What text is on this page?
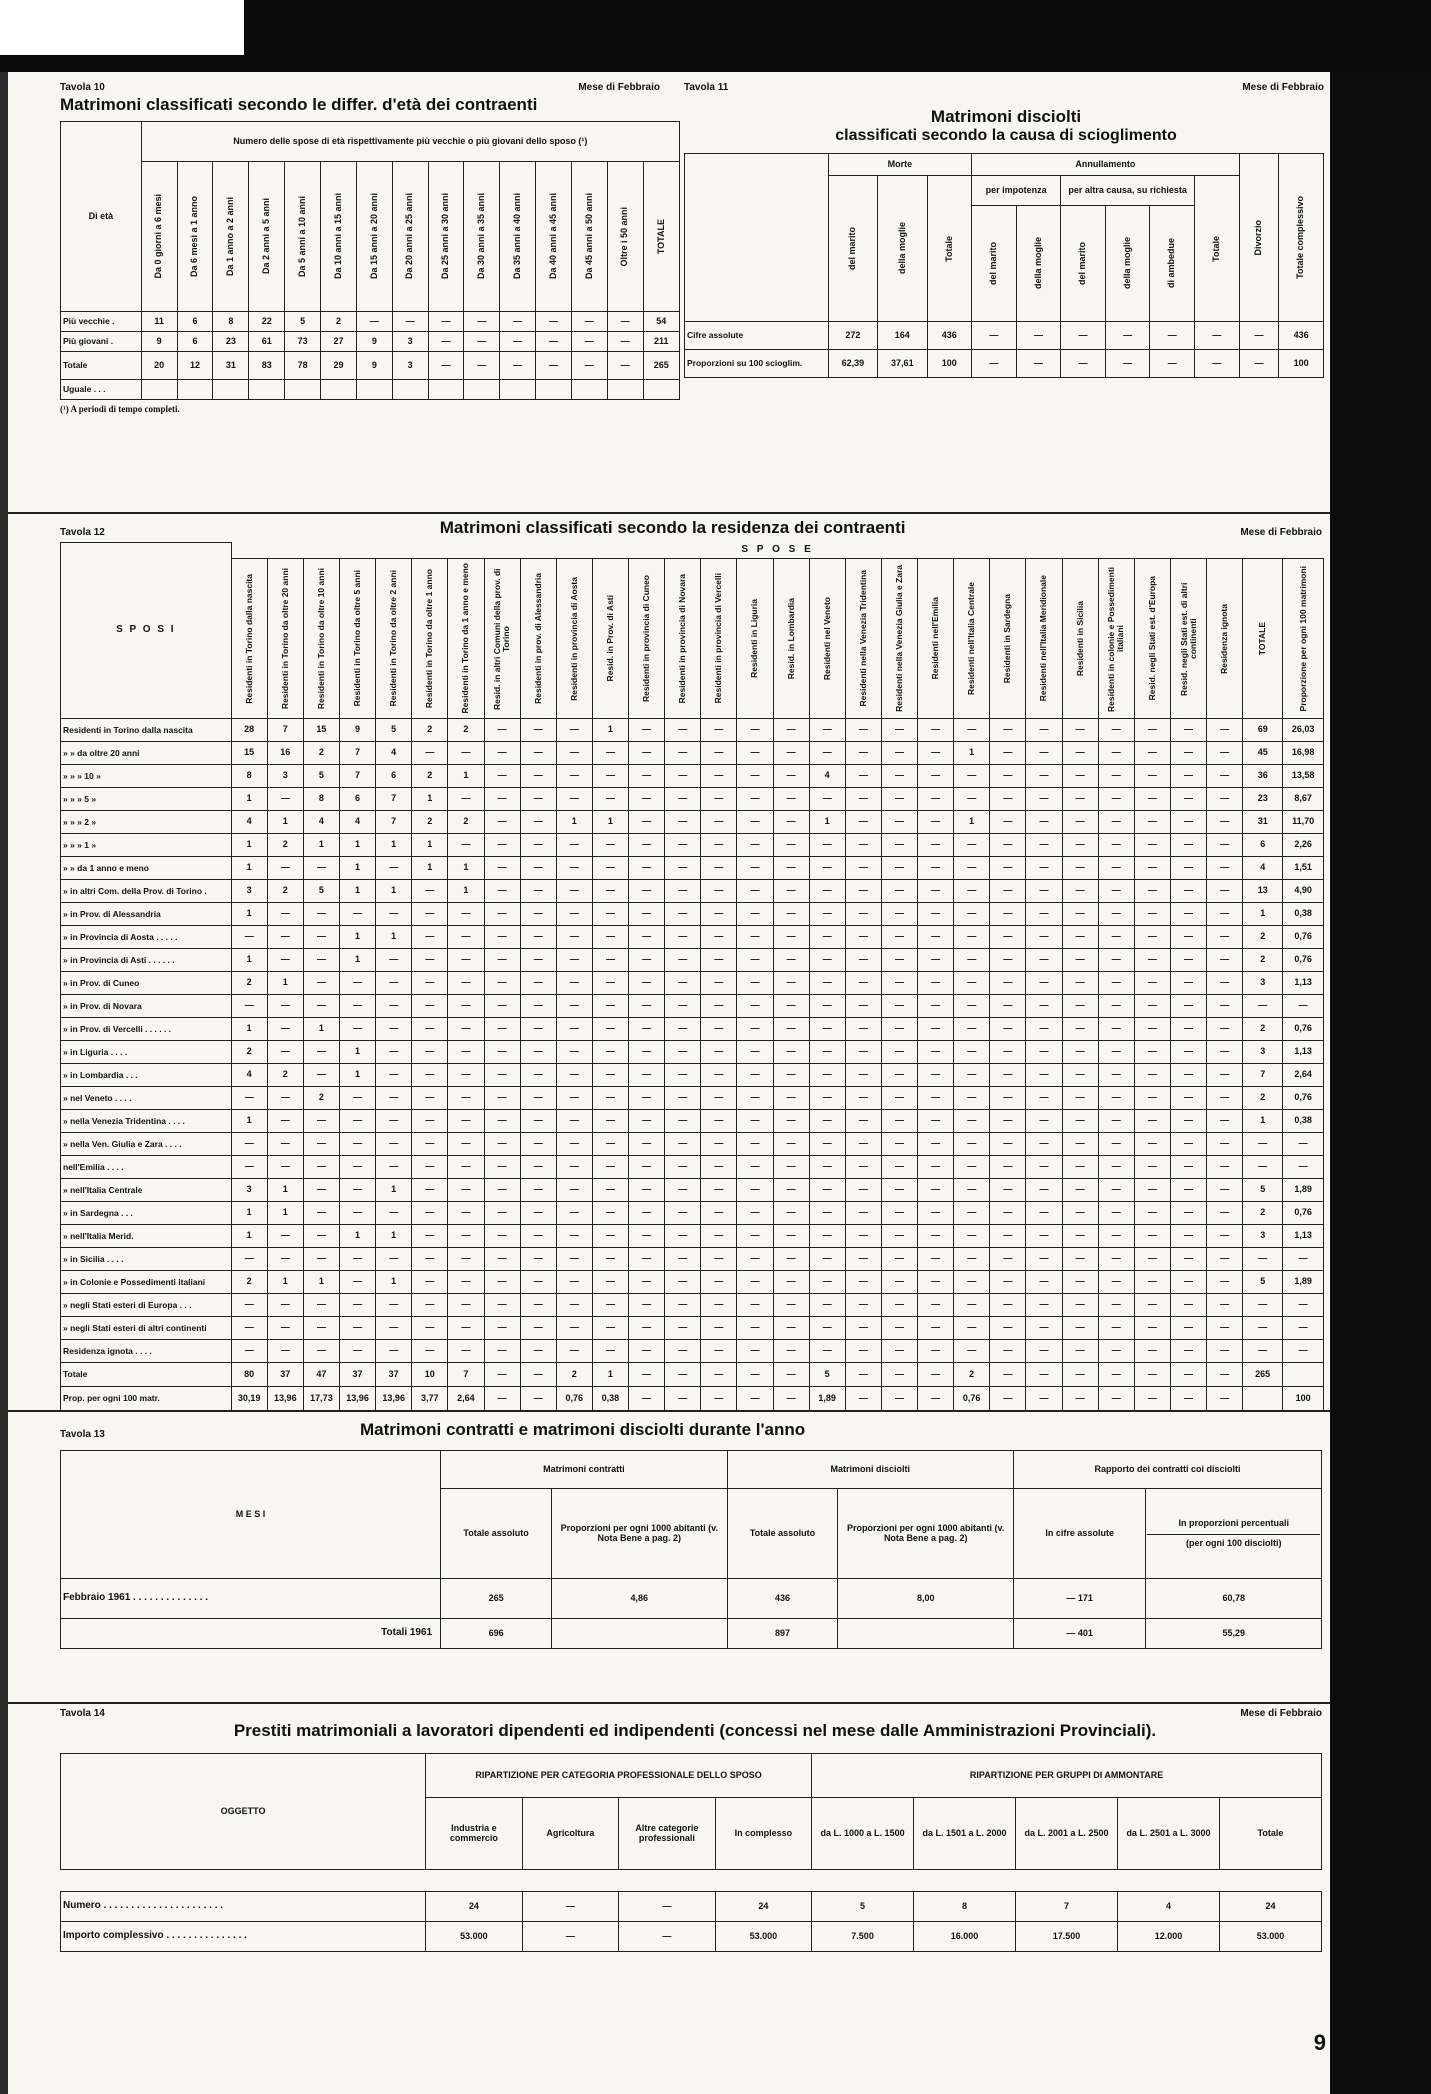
Tavola 10	Mese di Febbraio
Matrimoni classificati secondo le differ. d'età dei contraenti
Di età	Numero delle spose di età rispettivamente più vecchie o più giovani dello sposo (¹)														

	Da 0 giorni a 6 mesi	Da 6 mesi a 1 anno	Da 1 anno a 2 anni	Da 2 anni a 5 anni	Da 5 anni a 10 anni	Da 10 anni a 15 anni	Da 15 anni a 20 anni	Da 20 anni a 25 anni	Da 25 anni a 30 anni	Da 30 anni a 35 anni	Da 35 anni a 40 anni	Da 40 anni a 45 anni	Da 45 anni a 50 anni	Oltre i 50 anni	TOTALE

Più vecchie .	11	6	8	22	5	2	—	—	—	—	—	—	—	—	54
Più giovani .	9	6	23	61	73	27	9	3	—	—	—	—	—	—	211
Totale	20	12	31	83	78	29	9	3	—	—	—	—	—	—	265
Uguale . . .															
(¹) A periodi di tempo completi.
Tavola 11	Mese di Febbraio
Matrimoni disciolti
classificati secondo la causa di scioglimento
	Morte			Annullamento						Divorzio	Totale complessivo

	del marito	della moglie	Totale	per impotenza		per altra causa, su richiesta			Totale		

				del marito	della moglie	del marito	della moglie	di ambedue			

Cifre assolute	272	164	436	—	—	—	—	—	—	—	436
Proporzioni su 100 scioglim.	62,39	37,61	100	—	—	—	—	—	—	—	100
Tavola 12	Matrimoni classificati secondo la residenza dei contraenti	Mese di Febbraio
S P O S I	S P O S E																													

	Residenti in Torino dalla nascita	Residenti in Torino da oltre 20 anni	Residenti in Torino da oltre 10 anni	Residenti in Torino da oltre 5 anni	Residenti in Torino da oltre 2 anni	Residenti in Torino da oltre 1 anno	Residenti in Torino da 1 anno e meno	Resid. in altri Comuni della prov. di Torino	Residenti in prov. di Alessandria	Residenti in provincia di Aosta	Resid. in Prov. di Asti	Residenti in provincia di Cuneo	Residenti in provincia di Novara	Residenti in provincia di Vercelli	Residenti in Liguria	Resid. in Lombardia	Residenti nel Veneto	Residenti nella Venezia Tridentina	Residenti nella Venezia Giulia e Zara	Residenti nell'Emilia	Residenti nell'Italia Centrale	Residenti in Sardegna	Residenti nell'Italia Meridionale	Residenti in Sicilia	Residenti in colonie e Possedimenti italiani	Resid. negli Stati est. d'Europa	Resid. negli Stati est. di altri continenti	Residenza ignota	TOTALE	Proporzione per ogni 100 matrimoni

Residenti in Torino dalla nascita	28	7	15	9	5	2	2	—	—	—	1	—	—	—	—	—	—	—	—	—	—	—	—	—	—	—	—	—	69	26,03
» » da oltre 20 anni	15	16	2	7	4	—	—	—	—	—	—	—	—	—	—	—	—	—	—	—	1	—	—	—	—	—	—	—	45	16,98
» » » 10 »	8	3	5	7	6	2	1	—	—	—	—	—	—	—	—	—	4	—	—	—	—	—	—	—	—	—	—	—	36	13,58
» » » 5 »	1	—	8	6	7	1	—	—	—	—	—	—	—	—	—	—	—	—	—	—	—	—	—	—	—	—	—	—	23	8,67
» » » 2 »	4	1	4	4	7	2	2	—	—	1	1	—	—	—	—	—	1	—	—	—	1	—	—	—	—	—	—	—	31	11,70
» » » 1 »	1	2	1	1	1	1	—	—	—	—	—	—	—	—	—	—	—	—	—	—	—	—	—	—	—	—	—	—	6	2,26
» » da 1 anno e meno	1	—	—	1	—	1	1	—	—	—	—	—	—	—	—	—	—	—	—	—	—	—	—	—	—	—	—	—	4	1,51
» in altri Com. della Prov. di Torino .	3	2	5	1	1	—	1	—	—	—	—	—	—	—	—	—	—	—	—	—	—	—	—	—	—	—	—	—	13	4,90
» in Prov. di Alessandria	1	—	—	—	—	—	—	—	—	—	—	—	—	—	—	—	—	—	—	—	—	—	—	—	—	—	—	—	1	0,38
» in Provincia di Aosta . . . . .	—	—	—	1	1	—	—	—	—	—	—	—	—	—	—	—	—	—	—	—	—	—	—	—	—	—	—	—	2	0,76
» in Provincia di Asti . . . . . .	1	—	—	1	—	—	—	—	—	—	—	—	—	—	—	—	—	—	—	—	—	—	—	—	—	—	—	—	2	0,76
» in Prov. di Cuneo	2	1	—	—	—	—	—	—	—	—	—	—	—	—	—	—	—	—	—	—	—	—	—	—	—	—	—	—	3	1,13
» in Prov. di Novara	—	—	—	—	—	—	—	—	—	—	—	—	—	—	—	—	—	—	—	—	—	—	—	—	—	—	—	—	—	—
» in Prov. di Vercelli . . . . . .	1	—	1	—	—	—	—	—	—	—	—	—	—	—	—	—	—	—	—	—	—	—	—	—	—	—	—	—	2	0,76
» in Liguria . . . .	2	—	—	1	—	—	—	—	—	—	—	—	—	—	—	—	—	—	—	—	—	—	—	—	—	—	—	—	3	1,13
» in Lombardia . . .	4	2	—	1	—	—	—	—	—	—	—	—	—	—	—	—	—	—	—	—	—	—	—	—	—	—	—	—	7	2,64
» nel Veneto . . . .	—	—	2	—	—	—	—	—	—	—	—	—	—	—	—	—	—	—	—	—	—	—	—	—	—	—	—	—	2	0,76
» nella Venezia Tridentina . . . .	1	—	—	—	—	—	—	—	—	—	—	—	—	—	—	—	—	—	—	—	—	—	—	—	—	—	—	—	1	0,38
» nella Ven. Giulia e Zara . . . .	—	—	—	—	—	—	—	—	—	—	—	—	—	—	—	—	—	—	—	—	—	—	—	—	—	—	—	—	—	—
nell'Emilia . . . .	—	—	—	—	—	—	—	—	—	—	—	—	—	—	—	—	—	—	—	—	—	—	—	—	—	—	—	—	—	—
» nell'Italia Centrale	3	1	—	—	1	—	—	—	—	—	—	—	—	—	—	—	—	—	—	—	—	—	—	—	—	—	—	—	5	1,89
» in Sardegna . . .	1	1	—	—	—	—	—	—	—	—	—	—	—	—	—	—	—	—	—	—	—	—	—	—	—	—	—	—	2	0,76
» nell'Italia Merid.	1	—	—	1	1	—	—	—	—	—	—	—	—	—	—	—	—	—	—	—	—	—	—	—	—	—	—	—	3	1,13
» in Sicilia . . . .	—	—	—	—	—	—	—	—	—	—	—	—	—	—	—	—	—	—	—	—	—	—	—	—	—	—	—	—	—	—
» in Colonie e Possedimenti italiani	2	1	1	—	1	—	—	—	—	—	—	—	—	—	—	—	—	—	—	—	—	—	—	—	—	—	—	—	5	1,89
» negli Stati esteri di Europa . . .	—	—	—	—	—	—	—	—	—	—	—	—	—	—	—	—	—	—	—	—	—	—	—	—	—	—	—	—	—	—
» negli Stati esteri di altri continenti	—	—	—	—	—	—	—	—	—	—	—	—	—	—	—	—	—	—	—	—	—	—	—	—	—	—	—	—	—	—
Residenza ignota . . . .	—	—	—	—	—	—	—	—	—	—	—	—	—	—	—	—	—	—	—	—	—	—	—	—	—	—	—	—	—	—
Totale	80	37	47	37	37	10	7	—	—	2	1	—	—	—	—	—	5	—	—	—	2	—	—	—	—	—	—	—	265	
Prop. per ogni 100 matr.	30,19	13,96	17,73	13,96	13,96	3,77	2,64	—	—	0,76	0,38	—	—	—	—	—	1,89	—	—	—	0,76	—	—	—	—	—	—	—		100
Tavola 13	Matrimoni contratti e matrimoni disciolti durante l'anno
M E S I	Matrimoni contratti		Matrimoni disciolti		Rapporto dei contratti coi disciolti	
	Totale assoluto	Proporzioni per ogni 1000 abitanti (v. Nota Bene a pag. 2)	Totale assoluto	Proporzioni per ogni 1000 abitanti (v. Nota Bene a pag. 2)	In cifre assolute	In proporzioni percentuali
(per ogni 100 disciolti)

Febbraio 1961 . . . . . . . . . . . . . .	265	4,86	436	8,00	— 171	60,78
Totali 1961	696		897		— 401	55,29
Tavola 14	Mese di Febbraio
Prestiti matrimoniali a lavoratori dipendenti ed indipendenti (concessi nel mese dalle Amministrazioni Provinciali).
OGGETTO	RIPARTIZIONE PER CATEGORIA PROFESSIONALE DELLO SPOSO				RIPARTIZIONE PER GRUPPI DI AMMONTARE				
	Industria e commercio	Agricoltura	Altre categorie professionali	In complesso	da L. 1000 a L. 1500	da L. 1501 a L. 2000	da L. 2001 a L. 2500	da L. 2501 a L. 3000	Totale

Numero . . . . . . . . . . . . . . . . . . . . . .	24	—	—	24	5	8	7	4	24
Importo complessivo . . . . . . . . . . . . . . .	53.000	—	—	53.000	7.500	16.000	17.500	12.000	53.000
9
